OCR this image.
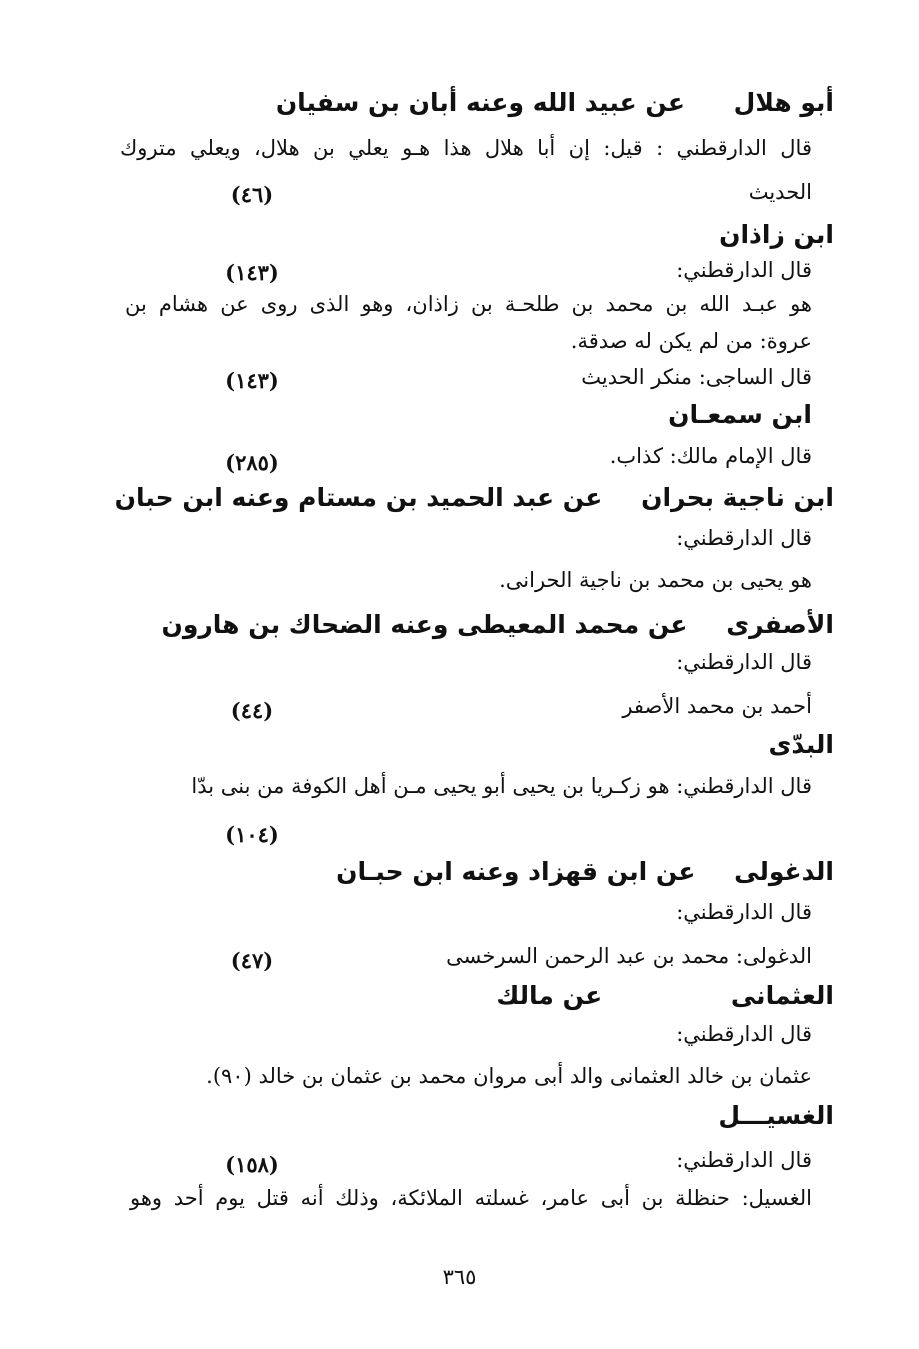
أبو هلال عن عبيد الله وعنه أبان بن سفيان
قال الدارقطني : قيل: إن أبا هلال هذا هـو يعلي بن هلال، ويعلي متروك
الحديث
(٤٦)
ابن زاذان
قال الدارقطني:
(١٤٣)
هو عبـد الله بن محمد بن طلحـة بن زاذان، وهو الذى روى عن هشام بن
عروة: من لم يكن له صدقة.
قال الساجى: منكر الحديث
(١٤٣)
ابن سمعـان
قال الإمام مالك: كذاب.
(٢٨٥)
ابن ناجية بحران عن عبد الحميد بن مستام وعنه ابن حبان
قال الدارقطني:
هو يحيى بن محمد بن ناجية الحرانى.
الأصفرى عن محمد المعيطى وعنه الضحاك بن هارون
قال الدارقطني:
أحمد بن محمد الأصفر
(٤٤)
البدّى
قال الدارقطني: هو زكـريا بن يحيى أبو يحيى مـن أهل الكوفة من بنى بدّا
(١٠٤)
الدغولى عن ابن قهزاد وعنه ابن حبـان
قال الدارقطني:
الدغولى: محمد بن عبد الرحمن السرخسى
(٤٧)
العثمانى عن مالك
قال الدارقطني:
عثمان بن خالد العثمانى والد أبى مروان محمد بن عثمان بن خالد (٩٠).
الغسيـــل
قال الدارقطني:
(١٥٨)
الغسيل: حنظلة بن أبى عامر، غسلته الملائكة، وذلك أنه قتل يوم أحد وهو
٣٦٥
